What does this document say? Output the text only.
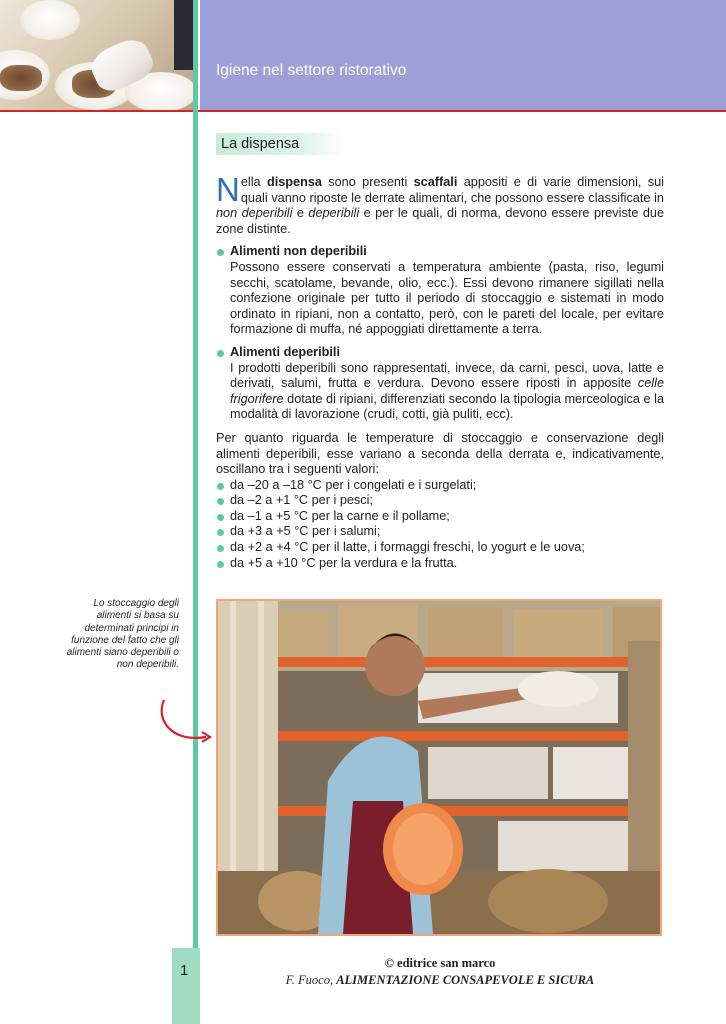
Igiene nel settore ristorativo
La dispensa

Nella dispensa sono presenti scaffali appositi e di varie dimensioni, sui quali vanno riposte le derrate alimentari, che possono essere classificate in non deperibili e deperibili e per le quali, di norma, devono essere previste due zone distinte.

Alimenti non deperibili
Possono essere conservati a temperatura ambiente (pasta, riso, legumi secchi, scatolame, bevande, olio, ecc.). Essi devono rimanere sigillati nella confezione originale per tutto il periodo di stoccaggio e sistemati in modo ordinato in ripiani, non a contatto, però, con le pareti del locale, per evitare formazione di muffa, né appoggiati direttamente a terra.
Alimenti deperibili
I prodotti deperibili sono rappresentati, invece, da carni, pesci, uova, latte e derivati, salumi, frutta e verdura. Devono essere riposti in apposite celle frigorifere dotate di ripiani, differenziati secondo la tipologia merceologica e la modalità di lavorazione (crudi, cotti, già puliti, ecc).

Per quanto riguarda le temperature di stoccaggio e conservazione degli alimenti deperibili, esse variano a seconda della derrata e, indicativamente, oscillano tra i seguenti valori:

da –20 a –18 °C per i congelati e i surgelati;
da –2 a +1 °C per i pesci;
da –1 a +5 °C per la carne e il pollame;
da +3 a +5 °C per i salumi;
da +2 a +4 °C per il latte, i formaggi freschi, lo yogurt e le uova;
da +5 a +10 °C per la verdura e la frutta.
Lo stoccaggio degli alimenti si basa su determinati principi in funzione del fatto che gli alimenti siano deperibili o non deperibili.
1	© editrice san marco
F. Fuoco, ALIMENTAZIONE CONSAPEVOLE E SICURA
